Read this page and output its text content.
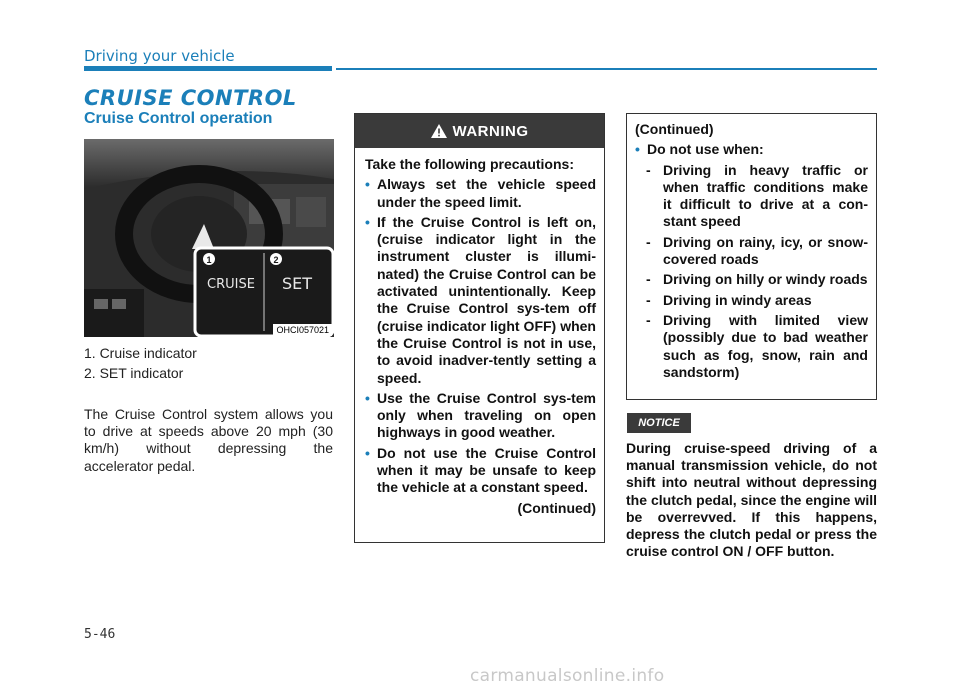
Driving your vehicle
CRUISE CONTROL
Cruise Control operation
1	2
CRUISE SET
OHCI057021
1. Cruise indicator
2. SET indicator
The Cruise Control system allows you to drive at speeds above 20 mph (30 km/h) without depressing the accelerator pedal.
WARNING
Take the following precautions:
• Always set the vehicle speed under the speed limit.
• If the Cruise Control is left on, (cruise indicator light in the instrument cluster is illumi-nated) the Cruise Control can be activated unintentionally. Keep the Cruise Control sys-tem off (cruise indicator light OFF) when the Cruise Control is not in use, to avoid inadver-tently setting a speed.
• Use the Cruise Control sys-tem only when traveling on open highways in good weather.
• Do not use the Cruise Control when it may be unsafe to keep the vehicle at a constant speed.
(Continued)
(Continued)
• Do not use when:
- Driving in heavy traffic or when traffic conditions make it difficult to drive at a con-stant speed
- Driving on rainy, icy, or snow-covered roads
- Driving on hilly or windy roads
- Driving in windy areas
- Driving with limited view (possibly due to bad weather such as fog, snow, rain and sandstorm)
NOTICE
During cruise-speed driving of a manual transmission vehicle, do not shift into neutral without depressing the clutch pedal, since the engine will be overrevved. If this happens, depress the clutch pedal or press the cruise control ON / OFF button.
5-46
carmanualsonline.info
